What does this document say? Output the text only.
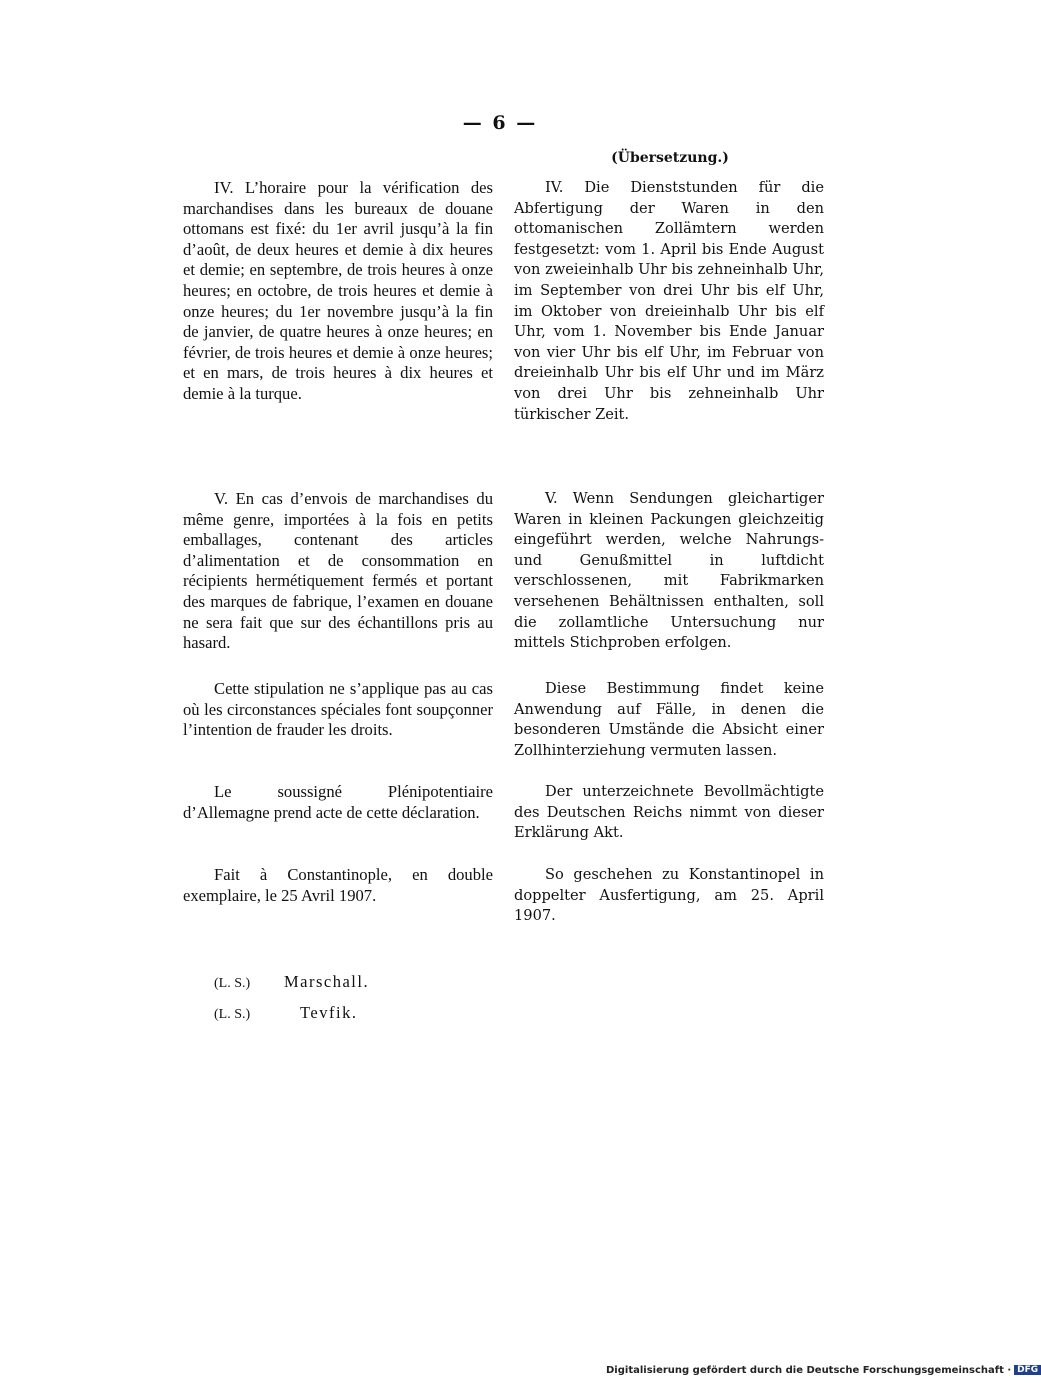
— 6 —
(Übersetzung.)

IV. L’horaire pour la vérification des marchandises dans les bureaux de douane ottomans est fixé: du 1er avril jusqu’à la fin d’août, de deux heures et demie à dix heures et demie; en septembre, de trois heures à onze heures; en octobre, de trois heures et demie à onze heures; du 1er novembre jusqu’à la fin de janvier, de quatre heures à onze heures; en février, de trois heures et demie à onze heures; et en mars, de trois heures à dix heures et demie à la turque.

V. En cas d’envois de marchandises du même genre, importées à la fois en petits emballages, contenant des articles d’alimentation et de consommation en récipients hermétiquement fermés et portant des marques de fabrique, l’examen en douane ne sera fait que sur des échantillons pris au hasard.

Cette stipulation ne s’applique pas au cas où les circonstances spéciales font soupçonner l’intention de frauder les droits.

Le soussigné Plénipotentiaire d’Allemagne prend acte de cette déclaration.

Fait à Constantinople, en double exemplaire, le 25 Avril 1907.

IV. Die Dienststunden für die Abfertigung der Waren in den ottomanischen Zollämtern werden festgesetzt: vom 1. April bis Ende August von zweieinhalb Uhr bis zehneinhalb Uhr, im September von drei Uhr bis elf Uhr, im Oktober von dreieinhalb Uhr bis elf Uhr, vom 1. November bis Ende Januar von vier Uhr bis elf Uhr, im Februar von dreieinhalb Uhr bis elf Uhr und im März von drei Uhr bis zehneinhalb Uhr türkischer Zeit.

V. Wenn Sendungen gleichartiger Waren in kleinen Packungen gleichzeitig eingeführt werden, welche Nahrungs- und Genußmittel in luftdicht verschlossenen, mit Fabrikmarken versehenen Behältnissen enthalten, soll die zollamtliche Untersuchung nur mittels Stichproben erfolgen.

Diese Bestimmung findet keine Anwendung auf Fälle, in denen die besonderen Umstände die Absicht einer Zollhinterziehung vermuten lassen.

Der unterzeichnete Bevollmächtigte des Deutschen Reichs nimmt von dieser Erklärung Akt.

So geschehen zu Konstantinopel in doppelter Ausfertigung, am 25. April 1907.

(L. S.) Marschall.
(L. S.)	Tevfik.
Digitalisierung gefördert durch die Deutsche Forschungsgemeinschaft · DFG
